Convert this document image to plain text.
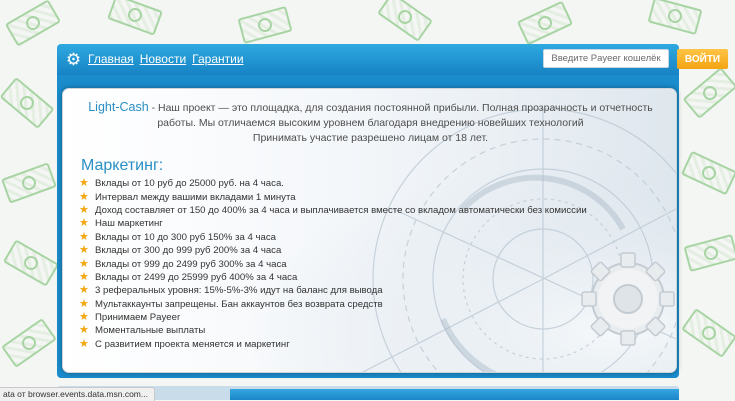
⚙ Главная Новости Гарантии
Введите Payeer кошелёк	ВОЙТИ
Light-Cash - Наш проект — это площадка, для создания постоянной прибыли. Полная прозрачность и отчетность
работы. Мы отличаемся высоким уровнем благодаря внедрению новейших технологий
Принимать участие разрешено лицам от 18 лет.
Маркетинг:
★ Вклады от 10 руб до 25000 руб. на 4 часа.
★ Интервал между вашими вкладами 1 минута
★ Доход составляет от 150 до 400% за 4 часа и выплачивается вместе со вкладом автоматически без комиссии
★ Наш маркетинг
★ Вклады от 10 до 300 руб 150% за 4 часа
★ Вклады от 300 до 999 руб 200% за 4 часа
★ Вклады от 999 до 2499 руб 300% за 4 часа
★ Вклады от 2499 до 25999 руб 400% за 4 часа
★ 3 реферальных уровня: 15%-5%-3% идут на баланс для вывода
★ Мультаккаунты запрещены. Бан аккаунтов без возврата средств
★ Принимаем Payeer
★ Моментальные выплаты
★ С развитием проекта меняется и маркетинг
ata от browser.events.data.msn.com...
